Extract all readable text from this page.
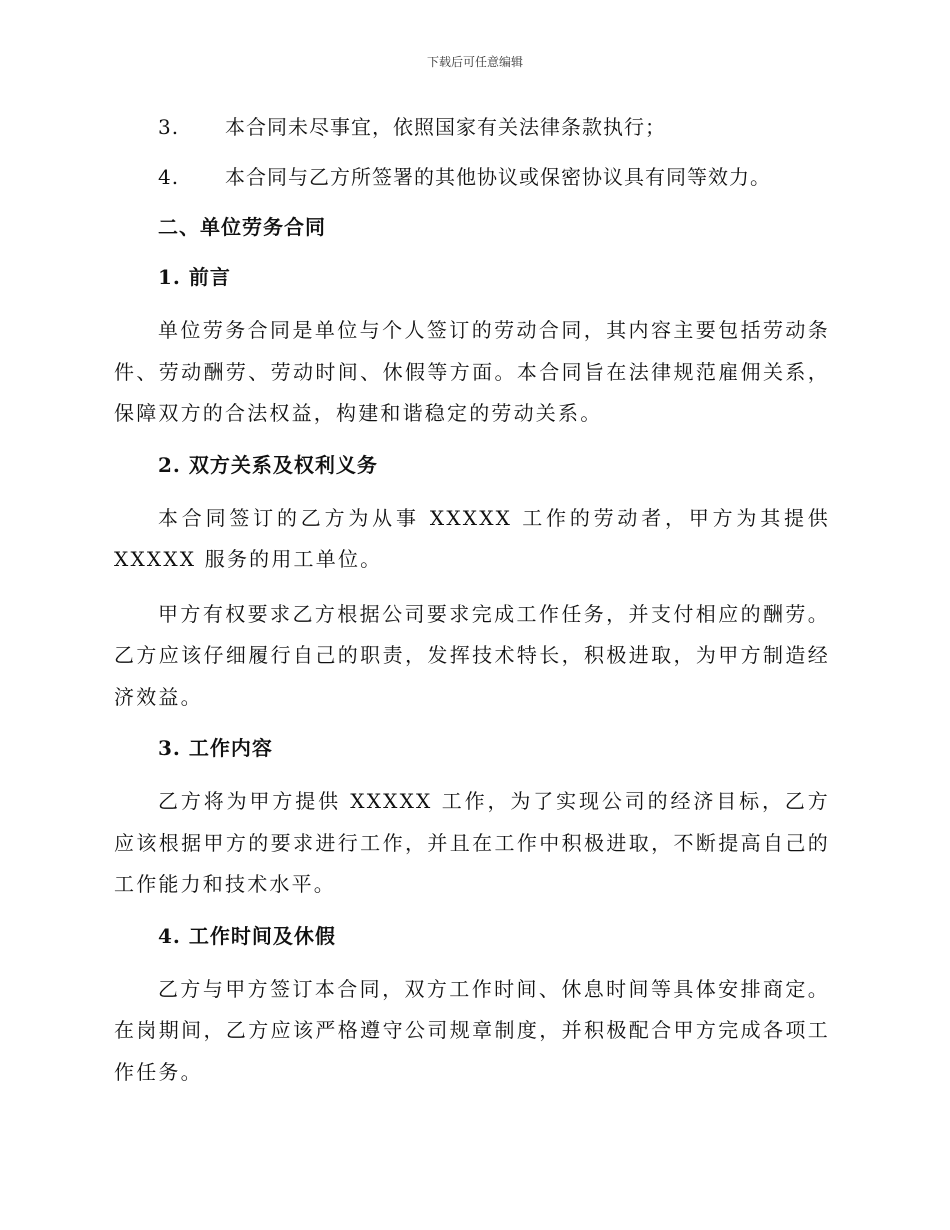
下载后可任意编辑
3.	本合同未尽事宜，依照国家有关法律条款执行；
4.	本合同与乙方所签署的其他协议或保密协议具有同等效力。
二、单位劳务合同
1. 前言

单位劳务合同是单位与个人签订的劳动合同，其内容主要包括劳动条件、劳动酬劳、劳动时间、休假等方面。本合同旨在法律规范雇佣关系，保障双方的合法权益，构建和谐稳定的劳动关系。

2. 双方关系及权利义务

本合同签订的乙方为从事 XXXXX 工作的劳动者，甲方为其提供XXXXX 服务的用工单位。

甲方有权要求乙方根据公司要求完成工作任务，并支付相应的酬劳。乙方应该仔细履行自己的职责，发挥技术特长，积极进取，为甲方制造经济效益。

3. 工作内容

乙方将为甲方提供 XXXXX 工作，为了实现公司的经济目标，乙方应该根据甲方的要求进行工作，并且在工作中积极进取，不断提高自己的工作能力和技术水平。

4. 工作时间及休假

乙方与甲方签订本合同，双方工作时间、休息时间等具体安排商定。在岗期间，乙方应该严格遵守公司规章制度，并积极配合甲方完成各项工作任务。
